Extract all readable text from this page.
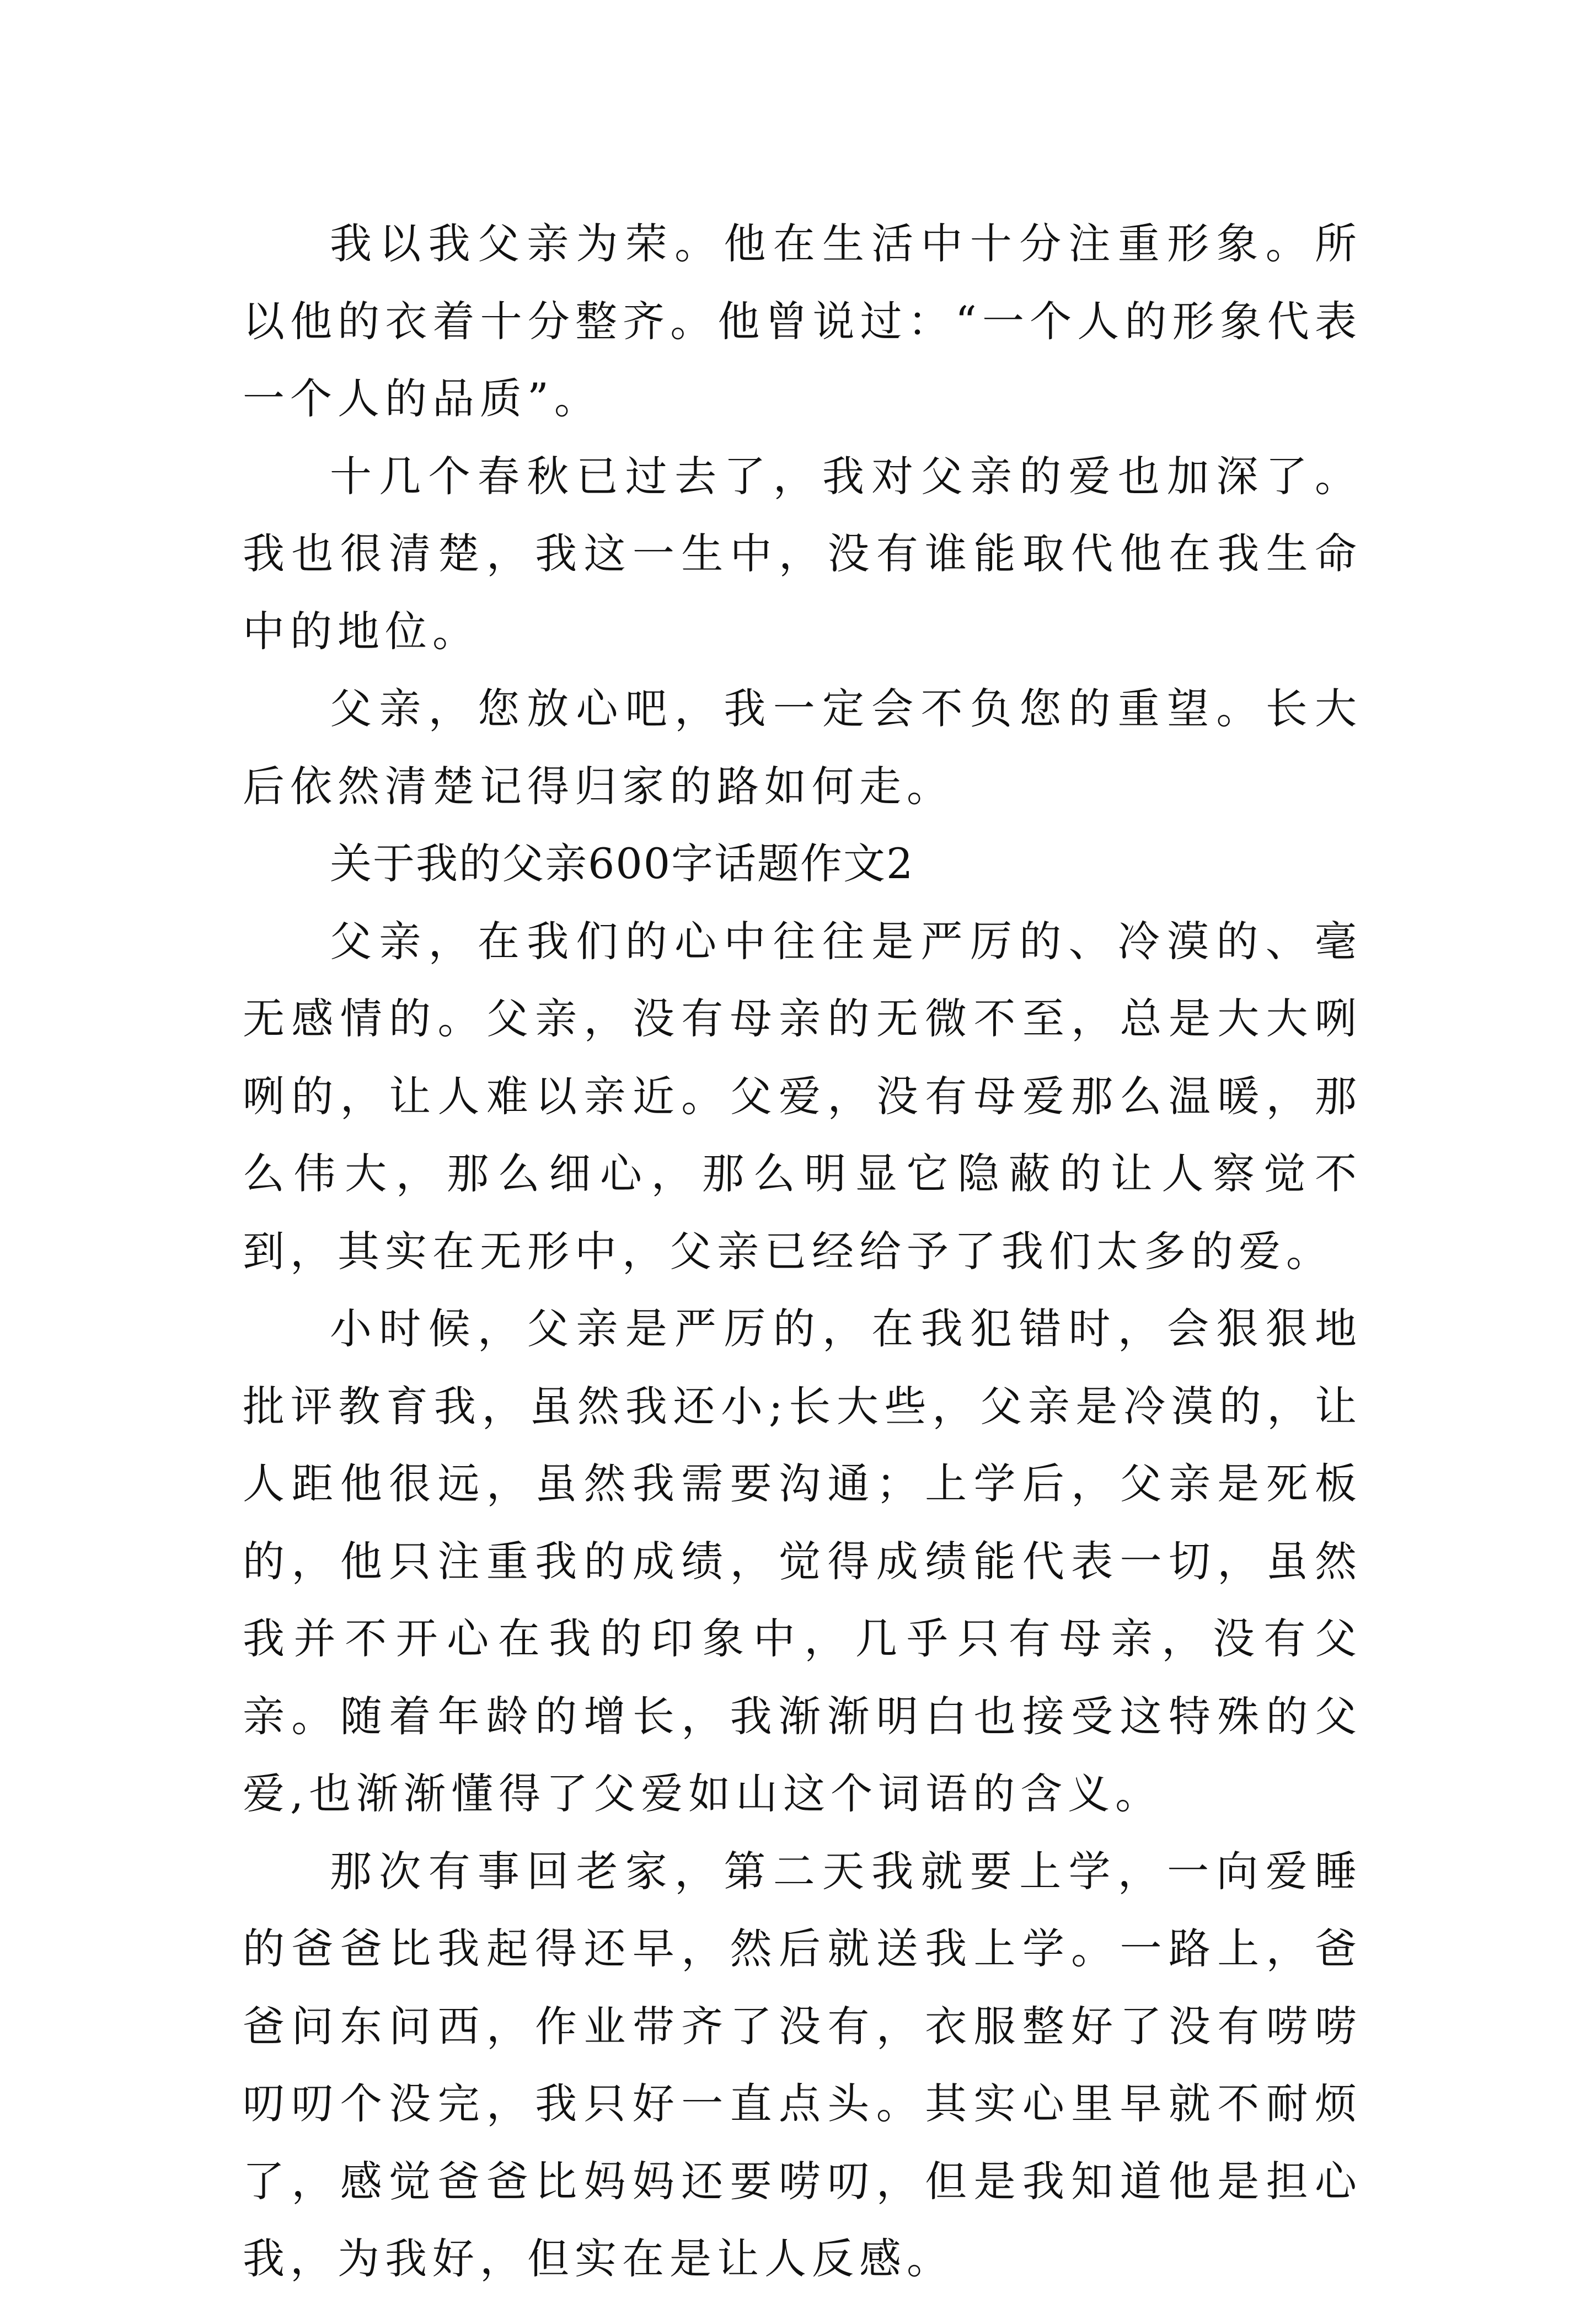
我以我父亲为荣。他在生活中十分注重形象。所以他的衣着十分整齐。他曾说过：“一个人的形象代表一个人的品质”。

十几个春秋已过去了，我对父亲的爱也加深了。我也很清楚，我这一生中，没有谁能取代他在我生命中的地位。

父亲，您放心吧，我一定会不负您的重望。长大后依然清楚记得归家的路如何走。

关于我的父亲600字话题作文2

父亲，在我们的心中往往是严厉的、冷漠的、毫无感情的。父亲，没有母亲的无微不至，总是大大咧咧的，让人难以亲近。父爱，没有母爱那么温暖，那么伟大，那么细心，那么明显它隐蔽的让人察觉不到，其实在无形中，父亲已经给予了我们太多的爱。

小时候，父亲是严厉的，在我犯错时，会狠狠地批评教育我，虽然我还小;长大些，父亲是冷漠的，让人距他很远，虽然我需要沟通；上学后，父亲是死板的，他只注重我的成绩，觉得成绩能代表一切，虽然我并不开心在我的印象中，几乎只有母亲，没有父亲。随着年龄的增长，我渐渐明白也接受这特殊的父爱,也渐渐懂得了父爱如山这个词语的含义。

那次有事回老家，第二天我就要上学，一向爱睡的爸爸比我起得还早，然后就送我上学。一路上，爸爸问东问西，作业带齐了没有，衣服整好了没有唠唠叨叨个没完，我只好一直点头。其实心里早就不耐烦了，感觉爸爸比妈妈还要唠叨，但是我知道他是担心我，为我好，但实在是让人反感。
